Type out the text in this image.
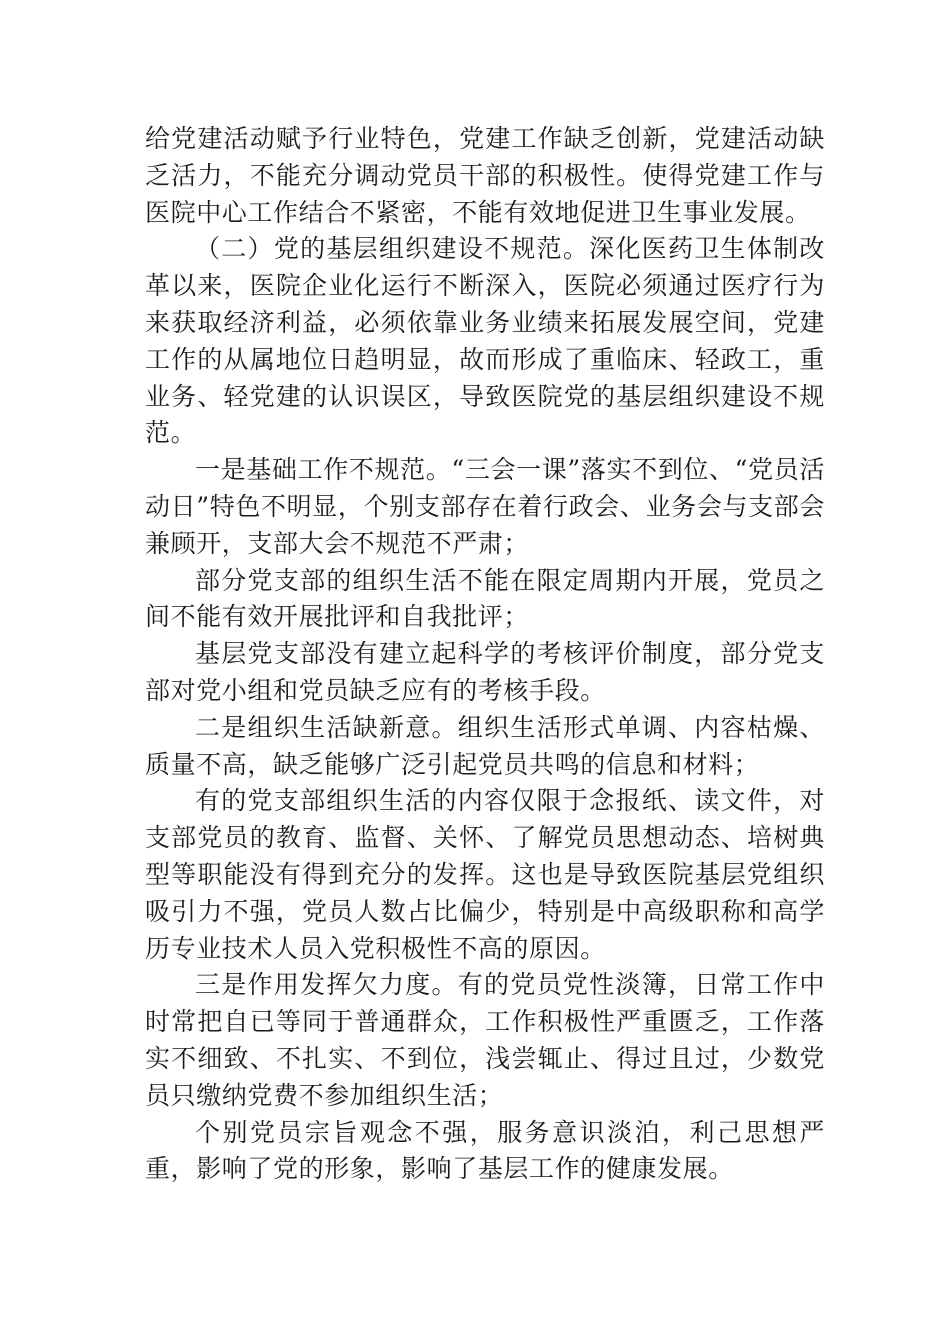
给党建活动赋予行业特色，党建工作缺乏创新，党建活动缺乏活力，不能充分调动党员干部的积极性。使得党建工作与医院中心工作结合不紧密，不能有效地促进卫生事业发展。

（二）党的基层组织建设不规范。深化医药卫生体制改革以来，医院企业化运行不断深入，医院必须通过医疗行为来获取经济利益，必须依靠业务业绩来拓展发展空间，党建工作的从属地位日趋明显，故而形成了重临床、轻政工，重业务、轻党建的认识误区，导致医院党的基层组织建设不规范。

一是基础工作不规范。“三会一课”落实不到位、“党员活动日”特色不明显，个别支部存在着行政会、业务会与支部会兼顾开，支部大会不规范不严肃；

部分党支部的组织生活不能在限定周期内开展，党员之间不能有效开展批评和自我批评；

基层党支部没有建立起科学的考核评价制度，部分党支部对党小组和党员缺乏应有的考核手段。

二是组织生活缺新意。组织生活形式单调、内容枯燥、质量不高，缺乏能够广泛引起党员共鸣的信息和材料；

有的党支部组织生活的内容仅限于念报纸、读文件，对支部党员的教育、监督、关怀、了解党员思想动态、培树典型等职能没有得到充分的发挥。这也是导致医院基层党组织吸引力不强，党员人数占比偏少，特别是中高级职称和高学历专业技术人员入党积极性不高的原因。

三是作用发挥欠力度。有的党员党性淡簿，日常工作中时常把自已等同于普通群众，工作积极性严重匮乏，工作落实不细致、不扎实、不到位，浅尝辄止、得过且过，少数党员只缴纳党费不参加组织生活；

个别党员宗旨观念不强，服务意识淡泊，利己思想严重，影响了党的形象，影响了基层工作的健康发展。
